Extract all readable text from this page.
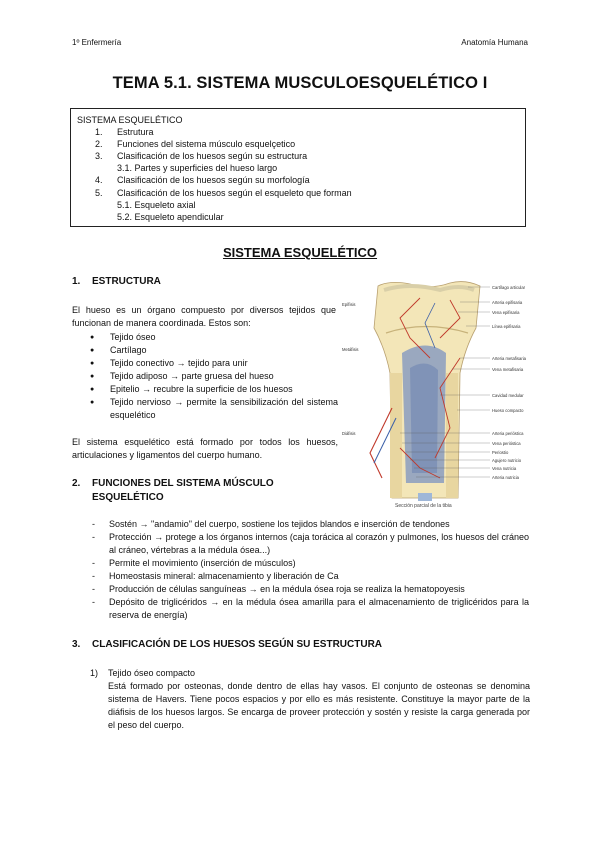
1º Enfermería	Anatomía Humana
TEMA 5.1. SISTEMA MUSCULOESQUELÉTICO I
SISTEMA ESQUELÉTICO
1.	Estrutura
2.	Funciones del sistema músculo esquelçetico
3.	Clasificación de los huesos según su estructura
3.1. Partes y superficies del hueso largo
4.	Clasificación de los huesos según su morfología
5.	Clasificación de los huesos según el esqueleto que forman
5.1. Esqueleto axial
5.2. Esqueleto apendicular
SISTEMA ESQUELÉTICO
1. ESTRUCTURA
El hueso es un órgano compuesto por diversos tejidos que funcionan de manera coordinada. Estos son:
●	Tejido óseo
●	Cartílago
●	Tejido conectivo → tejido para unir
●	Tejido adiposo → parte gruesa del hueso
●	Epitelio → recubre la superficie de los huesos
●	Tejido nervioso → permite la sensibilización del sistema esquelético
El sistema esquelético está formado por todos los huesos, articulaciones y ligamentos del cuerpo humano.
Epífisis
Metáfisis
Diáfisis
Cartílago articular
Arteria epifisaria
Vena epifisaria
Línea epifisaria
Arteria metafisaria
Vena metafisaria
Cavidad medular
Hueso compacto
Arteria perióstica
Vena perióstica
Periostio
Agujero nutricio
Vena nutricia
Arteria nutricia
Sección parcial de la tibia
2. FUNCIONES DEL SISTEMA MÚSCULO
ESQUELÉTICO
-	Sostén → "andamio" del cuerpo, sostiene los tejidos blandos e inserción de tendones
-	Protección → protege a los órganos internos (caja torácica al corazón y pulmones, los huesos del cráneo al cráneo, vértebras a la médula ósea...)
-	Permite el movimiento (inserción de músculos)
-	Homeostasis mineral: almacenamiento y liberación de Ca
-	Producción de células sanguíneas → en la médula ósea roja se realiza la hematopoyesis
-	Depósito de triglicéridos → en la médula ósea amarilla para el almacenamiento de triglicéridos para la reserva de energía)
3. CLASIFICACIÓN DE LOS HUESOS SEGÚN SU ESTRUCTURA
1)	Tejido óseo compacto
Está formado por osteonas, donde dentro de ellas hay vasos. El conjunto de osteonas se denomina sistema de Havers. Tiene pocos espacios y por ello es más resistente. Constituye la mayor parte de la diáfisis de los huesos largos. Se encarga de proveer protección y sostén y resiste la carga generada por el peso del cuerpo.
